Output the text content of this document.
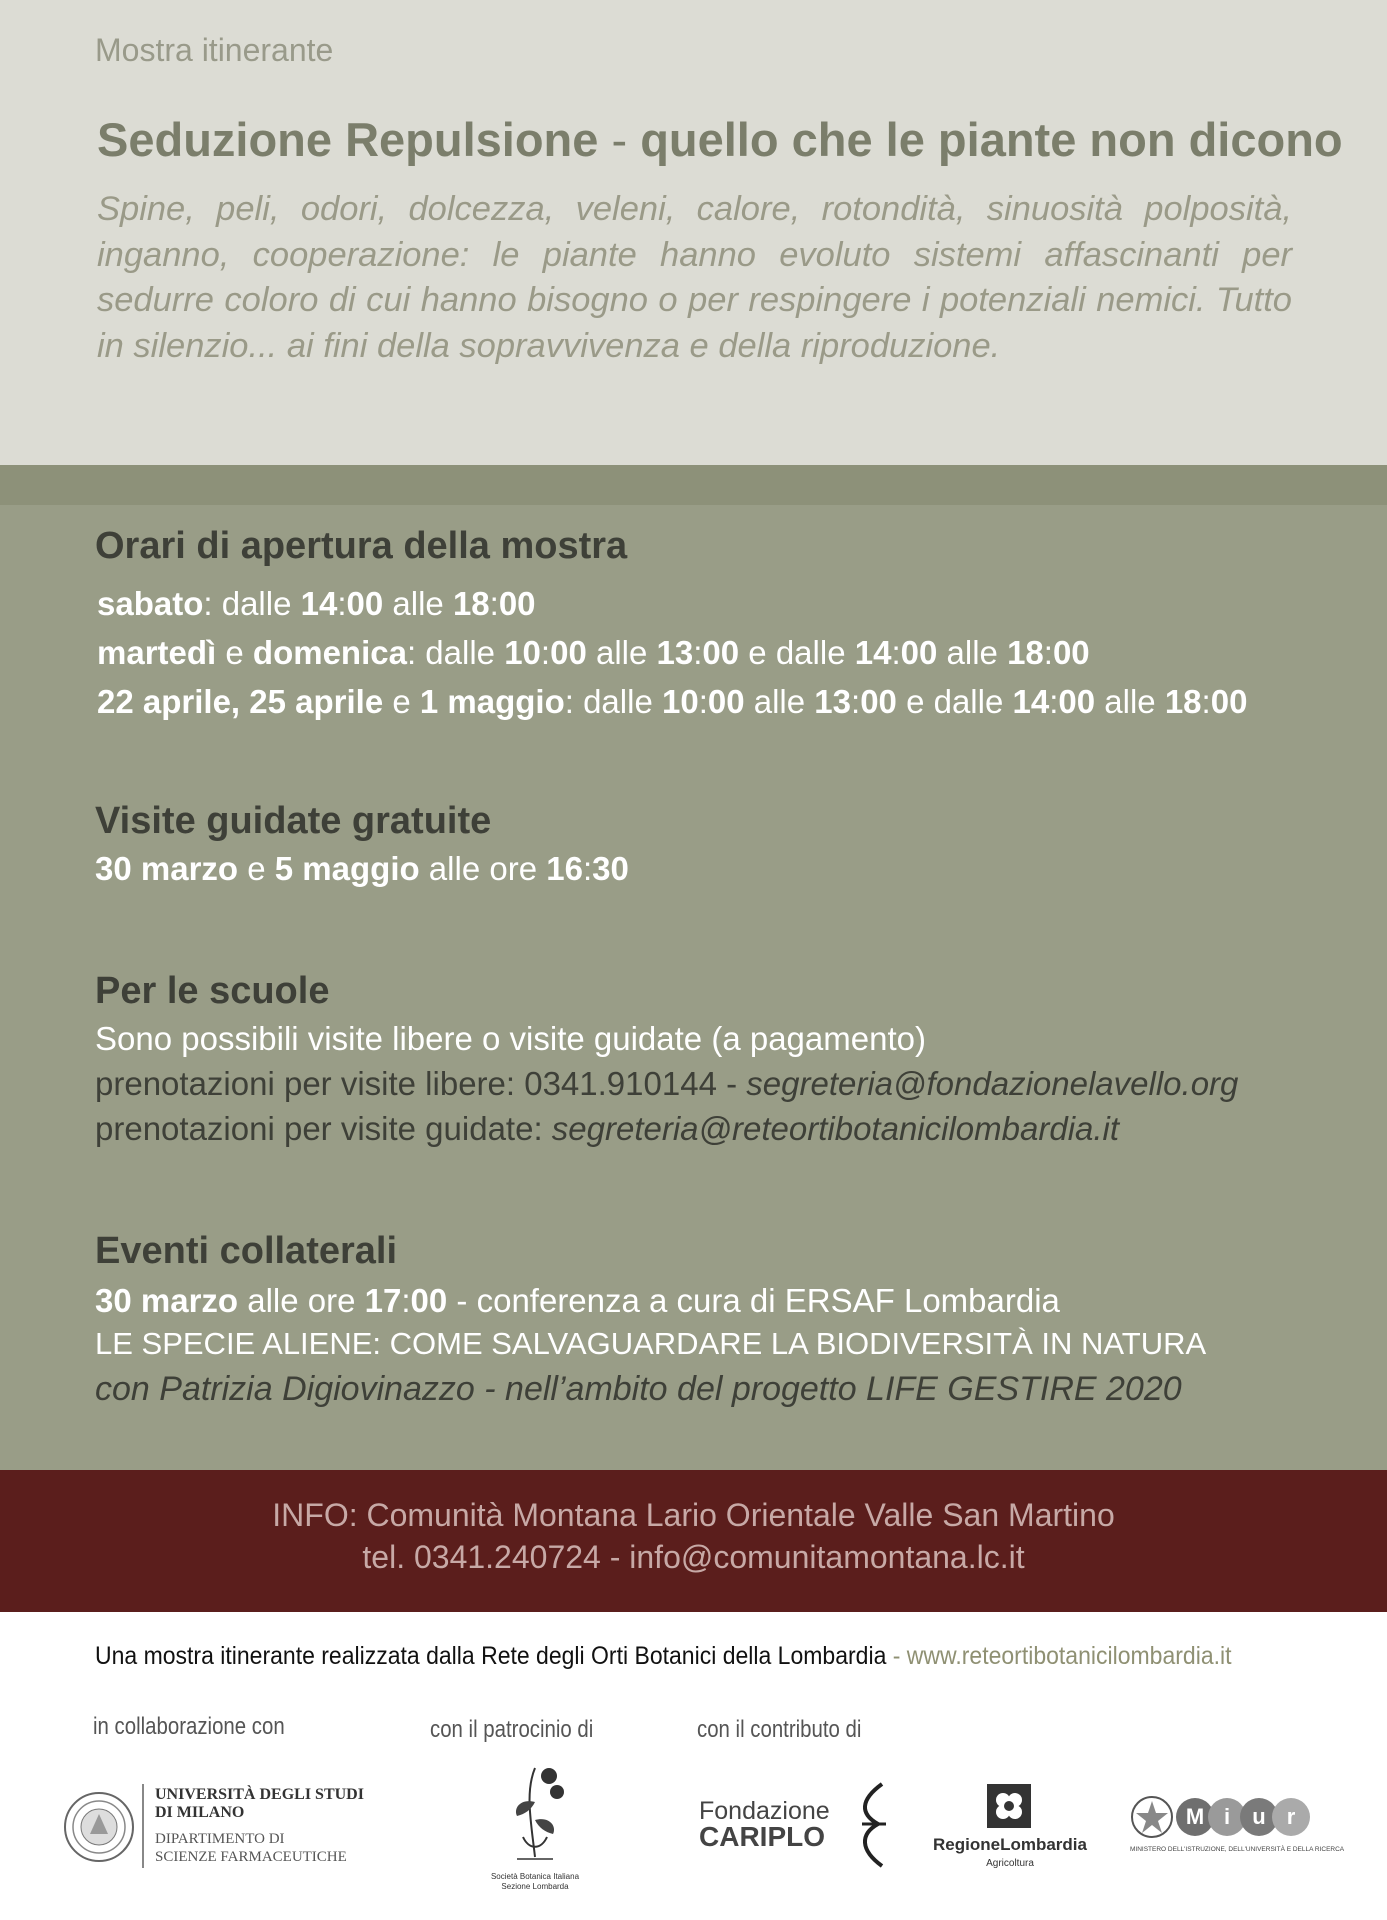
Mostra itinerante
Seduzione Repulsione - quello che le piante non dicono
Spine, peli, odori, dolcezza, veleni, calore, rotondità, sinuosità polposità, inganno, cooperazione: le piante hanno evoluto sistemi affascinanti per sedurre coloro di cui hanno bisogno o per respingere i potenziali nemici. Tutto in silenzio... ai fini della sopravvivenza e della riproduzione.
Orari di apertura della mostra
sabato: dalle 14:00 alle 18:00
martedì e domenica: dalle 10:00 alle 13:00 e dalle 14:00 alle 18:00
22 aprile, 25 aprile e 1 maggio: dalle 10:00 alle 13:00 e dalle 14:00 alle 18:00
Visite guidate gratuite
30 marzo e 5 maggio alle ore 16:30
Per le scuole
Sono possibili visite libere o visite guidate (a pagamento)
prenotazioni per visite libere: 0341.910144 - segreteria@fondazionelavello.org
prenotazioni per visite guidate: segreteria@reteortibotanicilombardia.it
Eventi collaterali
30 marzo alle ore 17:00 - conferenza a cura di ERSAF Lombardia
LE SPECIE ALIENE: COME SALVAGUARDARE LA BIODIVERSITÀ IN NATURA
con Patrizia Digiovinazzo - nell’ambito del progetto LIFE GESTIRE 2020
INFO: Comunità Montana Lario Orientale Valle San Martino
tel. 0341.240724 - info@comunitamontana.lc.it
Una mostra itinerante realizzata dalla Rete degli Orti Botanici della Lombardia - www.reteortibotanicilombardia.it
in collaborazione con	con il patrocinio di	con il contributo di
UNIVERSITÀ DEGLI STUDI
DI MILANO
DIPARTIMENTO DI
SCIENZE FARMACEUTICHE
Società Botanica Italiana
Sezione Lombarda
Fondazione
CARIPLO	RegioneLombardia
Agricoltura
M i	u r
MINISTERO DELL'ISTRUZIONE, DELL'UNIVERSITÀ E DELLA RICERCA
